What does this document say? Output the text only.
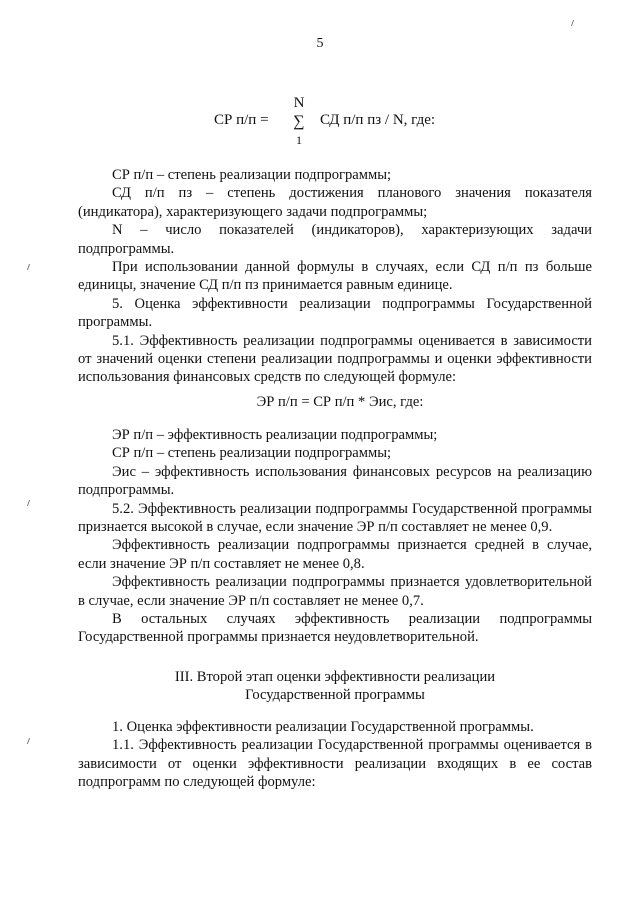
5
СР п/п =
N
∑
1
СД п/п пз / N, где:

СР п/п – степень реализации подпрограммы;

СД п/п пз – степень достижения планового значения показателя (индикатора), характеризующего задачи подпрограммы;

N – число показателей (индикаторов), характеризующих задачи подпрограммы.

При использовании данной формулы в случаях, если СД п/п пз больше единицы, значение СД п/п пз принимается равным единице.

5. Оценка эффективности реализации подпрограммы Государственной программы.

5.1. Эффективность реализации подпрограммы оценивается в зависимости от значений оценки степени реализации подпрограммы и оценки эффективности использования финансовых средств по следующей формуле:

ЭР п/п = СР п/п * Эис, где:

ЭР п/п – эффективность реализации подпрограммы;

СР п/п – степень реализации подпрограммы;

Эис – эффективность использования финансовых ресурсов на реализацию подпрограммы.

5.2. Эффективность реализации подпрограммы Государственной программы признается высокой в случае, если значение ЭР п/п составляет не менее 0,9.

Эффективность реализации подпрограммы признается средней в случае, если значение ЭР п/п составляет не менее 0,8.

Эффективность реализации подпрограммы признается удовлетворительной в случае, если значение ЭР п/п составляет не менее 0,7.

В остальных случаях эффективность реализации подпрограммы Государственной программы признается неудовлетворительной.

III. Второй этап оценки эффективности реализации
Государственной программы

1. Оценка эффективности реализации Государственной программы.

1.1. Эффективность реализации Государственной программы оценивается в зависимости от оценки эффективности реализации входящих в ее состав подпрограмм по следующей формуле:
